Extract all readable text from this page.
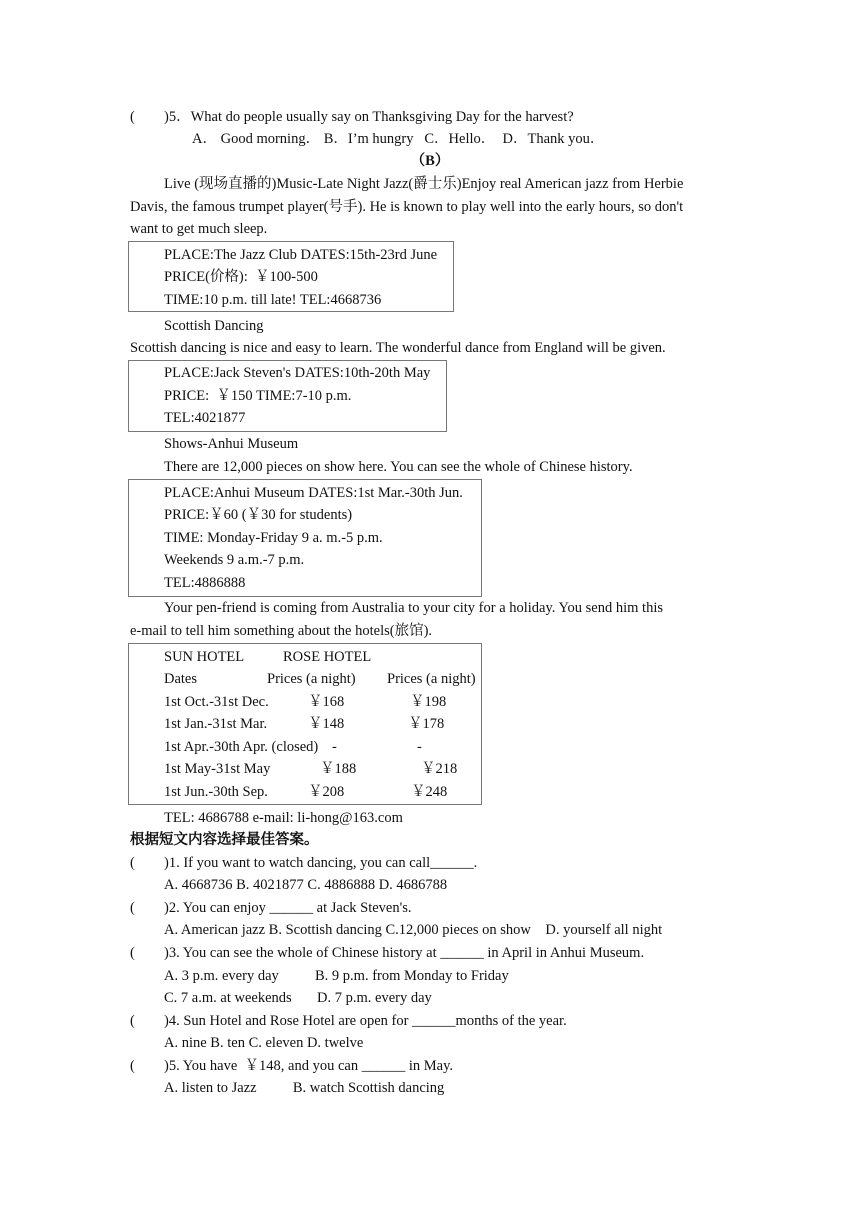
( )5．What do people usually say on Thanksgiving Day for the harvest?
A． Good morning． B．I’m hungry   C．Hello．  D．Thank you．
（B）
Live (现场直播的)Music-Late Night Jazz(爵士乐)Enjoy real American jazz from Herbie
Davis, the famous trumpet player(号手). He is known to play well into the early hours, so don't
want to get much sleep.
PLACE:The Jazz Club DATES:15th-23rd June
PRICE(价格):  ￥100-500
TIME:10 p.m. till late! TEL:4668736
Scottish Dancing
Scottish dancing is nice and easy to learn. The wonderful dance from England will be given.
PLACE:Jack Steven's DATES:10th-20th May
PRICE:  ￥150 TIME:7-10 p.m.
TEL:4021877
Shows-Anhui Museum
There are 12,000 pieces on show here. You can see the whole of Chinese history.
PLACE:Anhui Museum DATES:1st Mar.-30th Jun.
PRICE:￥60 (￥30 for students)
TIME: Monday-Friday 9 a. m.-5 p.m.
Weekends 9 a.m.-7 p.m.
TEL:4886888
Your pen-friend is coming from Australia to your city for a holiday. You send him this
e-mail to tell him something about the hotels(旅馆).
SUN HOTEL	ROSE HOTEL
Dates	Prices (a night) Prices (a night)
1st Oct.-31st Dec.	￥168	￥198
1st Jan.-31st Mar.	￥148	￥178
1st Apr.-30th Apr. (closed) -	-
1st May-31st May	￥188	￥218
1st Jun.-30th Sep.	￥208	￥248
TEL: 4686788 e-mail: li-hong@163.com
根据短文内容选择最佳答案。
( )1. If you want to watch dancing, you can call______.
A. 4668736 B. 4021877 C. 4886888 D. 4686788
( )2. You can enjoy ______ at Jack Steven's.
A. American jazz B. Scottish dancing C.12,000 pieces on show    D. yourself all night
( )3. You can see the whole of Chinese history at ______ in April in Anhui Museum.
A. 3 p.m. every day          B. 9 p.m. from Monday to Friday
C. 7 a.m. at weekends       D. 7 p.m. every day
( )4. Sun Hotel and Rose Hotel are open for ______months of the year.
A. nine B. ten C. eleven D. twelve
( )5. You have  ￥148, and you can ______ in May.
A. listen to Jazz          B. watch Scottish dancing
